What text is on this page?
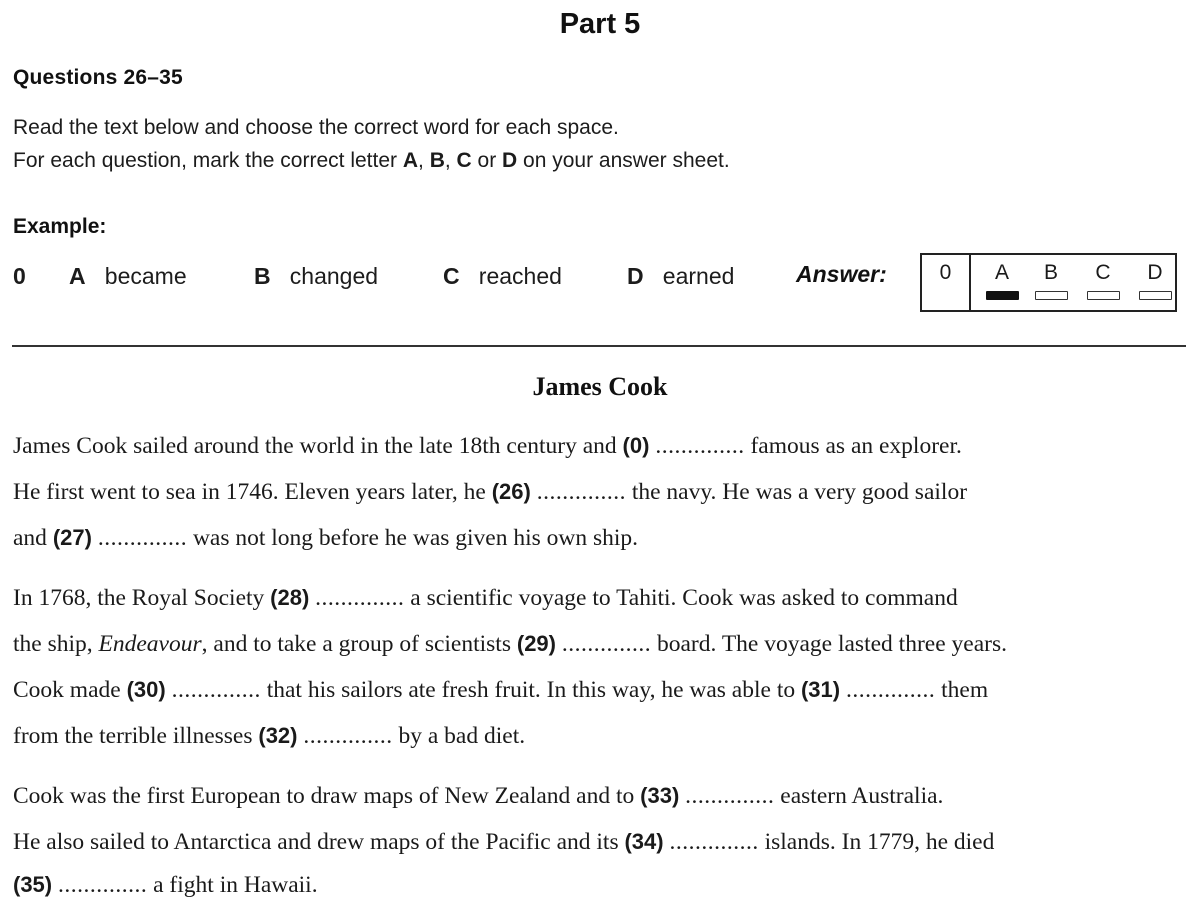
Part 5
Questions 26–35
Read the text below and choose the correct word for each space.
For each question, mark the correct letter A, B, C or D on your answer sheet.
Example:
0 A became	B changed	C reached	D earned	Answer:	0	A	B	C	D
James Cook
James Cook sailed around the world in the late 18th century and (0) .............. famous as an explorer.
He first went to sea in 1746. Eleven years later, he (26) .............. the navy. He was a very good sailor
and (27) .............. was not long before he was given his own ship.
In 1768, the Royal Society (28) .............. a scientific voyage to Tahiti. Cook was asked to command
the ship, Endeavour, and to take a group of scientists (29) .............. board. The voyage lasted three years.
Cook made (30) .............. that his sailors ate fresh fruit. In this way, he was able to (31) .............. them
from the terrible illnesses (32) .............. by a bad diet.
Cook was the first European to draw maps of New Zealand and to (33) .............. eastern Australia.
He also sailed to Antarctica and drew maps of the Pacific and its (34) .............. islands. In 1779, he died
(35) .............. a fight in Hawaii.
